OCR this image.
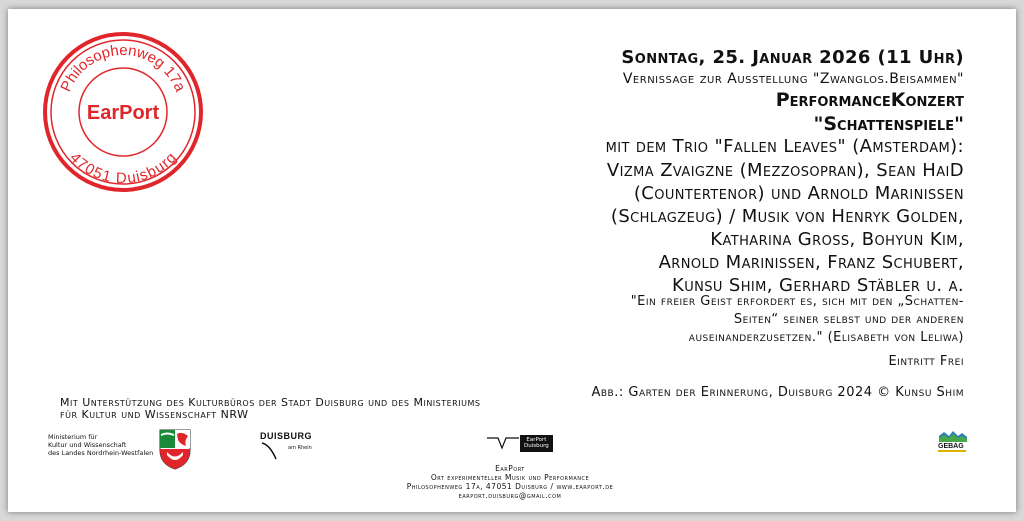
Philosophenweg 17a
47051 Duisburg
EarPort
Sonntag, 25. Januar 2026 (11 Uhr)
Vernissage zur Ausstellung "Zwanglos.Beisammen"
PerformanceKonzert
"Schattenspiele"
mit dem Trio "Fallen Leaves" (Amsterdam):
Vizma Zvaigzne (Mezzosopran), Sean HaiD
(Countertenor) und Arnold Marinissen
(Schlagzeug) / Musik von Henryk Golden,
Katharina Gross, Bohyun Kim,
Arnold Marinissen, Franz Schubert,
Kunsu Shim, Gerhard Stäbler u. a.
"Ein freier Geist erfordert es, sich mit den „Schatten-
Seiten“ seiner selbst und der anderen
auseinanderzusetzen." (Elisabeth von Leliwa)
Eintritt Frei
Abb.: Garten der Erinnerung, Duisburg 2024 © Kunsu Shim
Mit Unterstützung des Kulturbüros der Stadt Duisburg und des Ministeriums
für Kultur und Wissenschaft NRW
Ministerium für
Kultur und Wissenschaft
des Landes Nordrhein-Westfalen
DUISBURG
am Rhein
EarPort
Duisburg
EarPort
Ort experimenteller Musik und Performance
Philosophenweg 17a, 47051 Duisburg / www.earport.de
earport.duisburg@gmail.com
GEBAG
